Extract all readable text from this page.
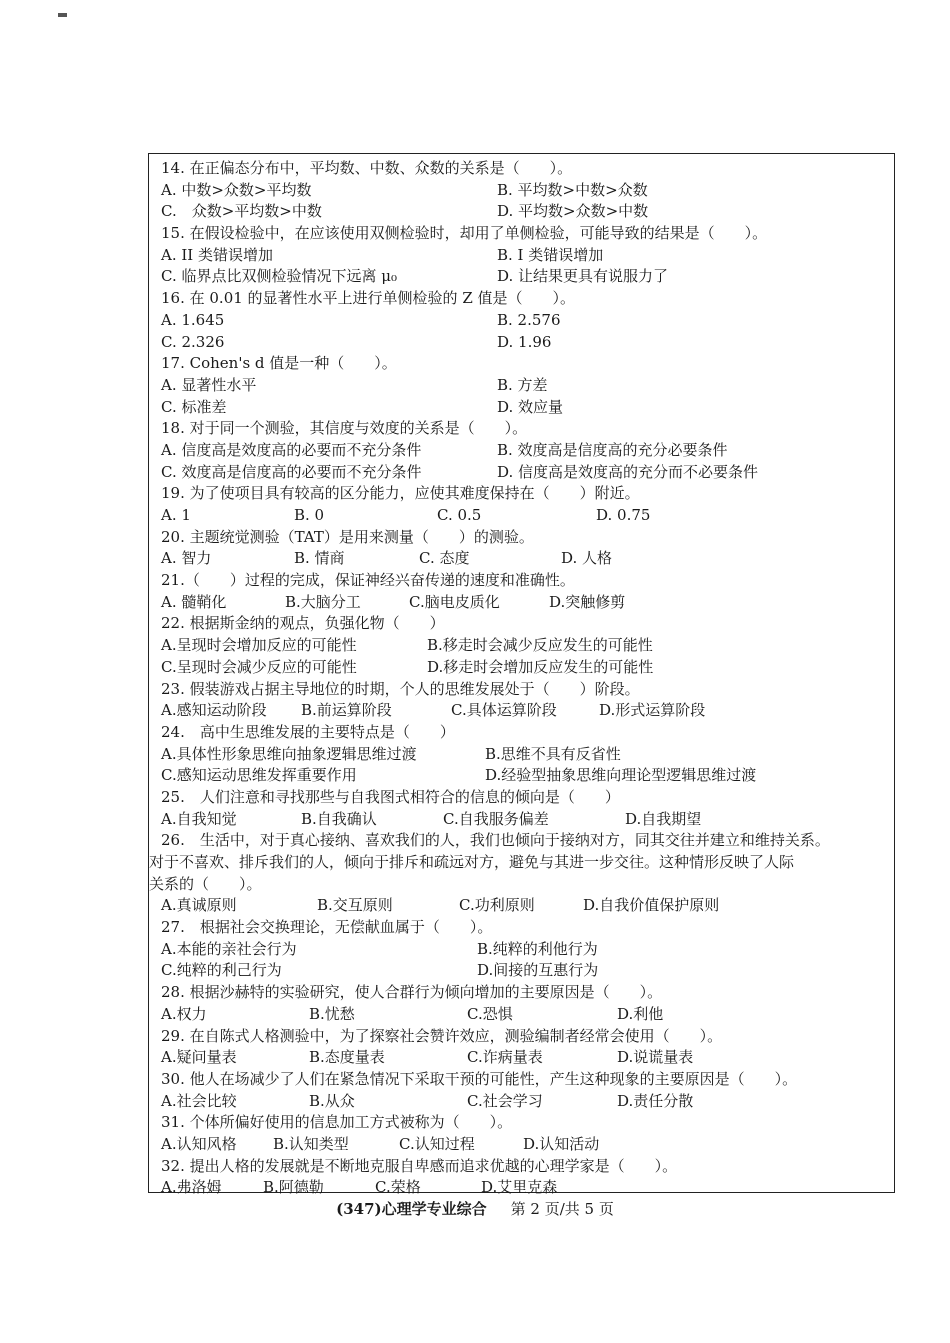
14. 在正偏态分布中，平均数、中数、众数的关系是（　　）。
A. 中数>众数>平均数	B. 平均数>中数>众数
C.　众数>平均数>中数	D. 平均数>众数>中数
15. 在假设检验中，在应该使用双侧检验时，却用了单侧检验，可能导致的结果是（　　）。
A. II 类错误增加	B. I 类错误增加
C. 临界点比双侧检验情况下远离 μ₀	D. 让结果更具有说服力了
16. 在 0.01 的显著性水平上进行单侧检验的 Z 值是（　　）。
A. 1.645	B. 2.576
C. 2.326	D. 1.96
17. Cohen's d 值是一种（　　）。
A. 显著性水平	B. 方差
C. 标准差	D. 效应量
18. 对于同一个测验，其信度与效度的关系是（　　）。
A. 信度高是效度高的必要而不充分条件	B. 效度高是信度高的充分必要条件
C. 效度高是信度高的必要而不充分条件	D. 信度高是效度高的充分而不必要条件
19. 为了使项目具有较高的区分能力，应使其难度保持在（　　）附近。
A. 1	B. 0	C. 0.5	D. 0.75
20. 主题统觉测验（TAT）是用来测量（　　）的测验。
A. 智力	B. 情商	C. 态度	D. 人格
21.（　　）过程的完成，保证神经兴奋传递的速度和准确性。
A. 髓鞘化	B.大脑分工	C.脑电皮质化	D.突触修剪
22. 根据斯金纳的观点，负强化物（　　）
A.呈现时会增加反应的可能性	B.移走时会减少反应发生的可能性
C.呈现时会减少反应的可能性	D.移走时会增加反应发生的可能性
23. 假装游戏占据主导地位的时期，个人的思维发展处于（　　）阶段。
A.感知运动阶段 B.前运算阶段	C.具体运算阶段	D.形式运算阶段
24.　高中生思维发展的主要特点是（　　）
A.具体性形象思维向抽象逻辑思维过渡	B.思维不具有反省性
C.感知运动思维发挥重要作用	D.经验型抽象思维向理论型逻辑思维过渡
25.　人们注意和寻找那些与自我图式相符合的信息的倾向是（　　）
A.自我知觉	B.自我确认	C.自我服务偏差	D.自我期望
26.　生活中，对于真心接纳、喜欢我们的人，我们也倾向于接纳对方，同其交往并建立和维持关系。
对于不喜欢、排斥我们的人，倾向于排斥和疏远对方，避免与其进一步交往。这种情形反映了人际
关系的（　　）。
A.真诚原则	B.交互原则	C.功利原则	D.自我价值保护原则
27.　根据社会交换理论，无偿献血属于（　　）。
A.本能的亲社会行为	B.纯粹的利他行为
C.纯粹的利己行为	D.间接的互惠行为
28. 根据沙赫特的实验研究，使人合群行为倾向增加的主要原因是（　　）。
A.权力	B.忧愁	C.恐惧	D.利他
29. 在自陈式人格测验中，为了探察社会赞许效应，测验编制者经常会使用（　　）。
A.疑问量表	B.态度量表	C.诈病量表	D.说谎量表
30. 他人在场减少了人们在紧急情况下采取干预的可能性，产生这种现象的主要原因是（　　）。
A.社会比较	B.从众	C.社会学习	D.责任分散
31. 个体所偏好使用的信息加工方式被称为（　　）。
A.认知风格 B.认知类型	C.认知过程	D.认知活动
32. 提出人格的发展就是不断地克服自卑感而追求优越的心理学家是（　　）。
A.弗洛姆	B.阿德勒	C.荣格	D.艾里克森
(347)心理学专业综合 第 2 页/共 5 页
